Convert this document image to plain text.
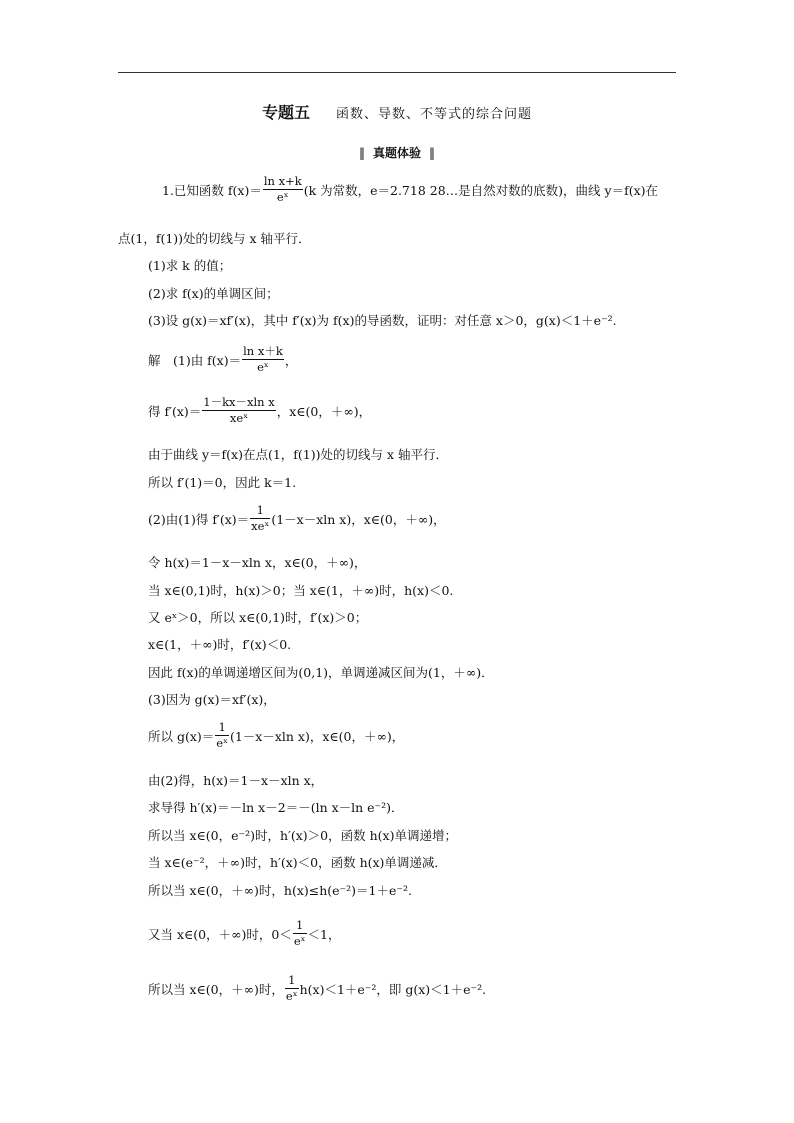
专题五 函数、导数、不等式的综合问题
‖ 真题体验 ‖
1.已知函数 $f(x)= \frac{\text{ln x+k}}{\text{eˣ}} (k$ 为常数，e＝2.718 28…是自然对数的底数)，曲线 y＝f(x)在
点(1，f(1))处的切线与 x 轴平行．
(1)求 k 的值；
(2)求 f(x)的单调区间；
(3)设 g(x)＝xf′(x)，其中 f′(x)为 f(x)的导函数，证明：对任意 x＞0，g(x)＜1＋e⁻².
解　(1)由 $f(x)= \frac{\text{ln x＋k}}{\text{eˣ}}$ ，
得 $f'(x)= \frac{\text{1－kx－xln x}}{\text{xeˣ}}$ ，x∈(0，＋∞)，
由于曲线 y＝f(x)在点(1，f(1))处的切线与 x 轴平行．
所以 f′(1)＝0，因此 k＝1.
(2)由(1)得 $f'(x)= \frac{1}{\text{xeˣ}} (1-x-xln$ x)，x∈(0，＋∞)，
令 h(x)＝1－x－xln x，x∈(0，＋∞)，
当 x∈(0,1)时，h(x)＞0；当 x∈(1，＋∞)时，h(x)＜0.
又 eˣ＞0，所以 x∈(0,1)时，f′(x)＞0；
x∈(1，＋∞)时，f′(x)＜0.
因此 f(x)的单调递增区间为(0,1)，单调递减区间为(1，＋∞)．
(3)因为 g(x)＝xf′(x)，
所以 $g(x)= \frac{1}{\text{eˣ}} (1-x-xln$ x)，x∈(0，＋∞)，
由(2)得，h(x)＝1－x－xln x，
求导得 h′(x)＝－ln x－2＝－(ln x－ln e⁻²)．
所以当 x∈(0，e⁻²)时，h′(x)＞0，函数 h(x)单调递增；
当 x∈(e⁻²，＋∞)时，h′(x)＜0，函数 h(x)单调递减．
所以当 x∈(0，＋∞)时，h(x)≤h(e⁻²)＝1＋e⁻².
又当 x∈(0，＋∞)时，$0< \frac{1}{\text{eˣ}} <1$，
所以当 x∈(0，＋∞)时， $\frac{1}{\text{eˣ}} h(x)<1+e^{-2}$，即 g(x)＜1＋e⁻².
